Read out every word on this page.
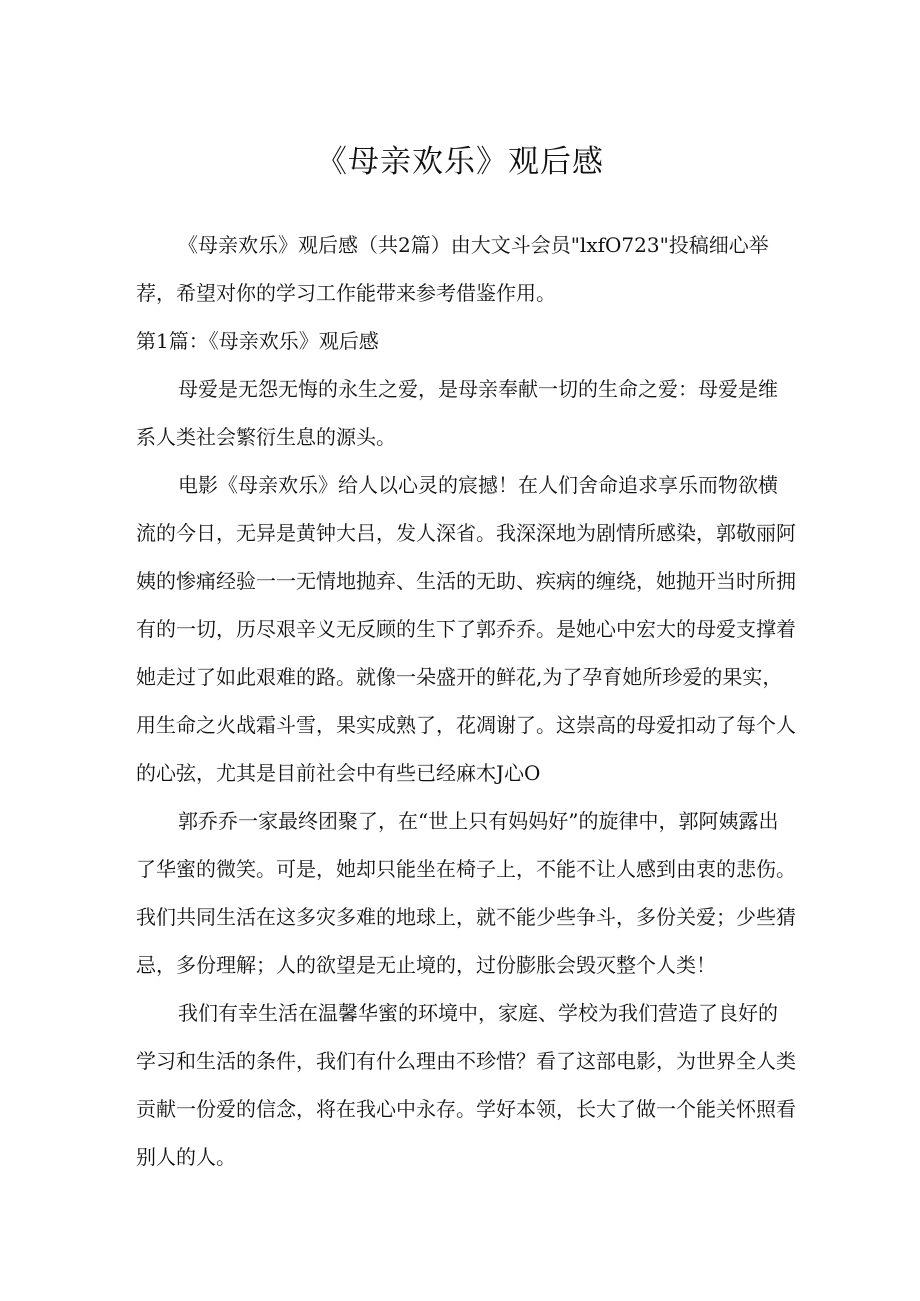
《母亲欢乐》观后感

《母亲欢乐》观后感（共2篇）由大文斗会员"lxfO723"投稿细心举荐，希望对你的学习工作能带来参考借鉴作用。

第1篇：《母亲欢乐》观后感

母爱是无怨无悔的永生之爱，是母亲奉献一切的生命之爱：母爱是维系人类社会繁衍生息的源头。

电影《母亲欢乐》给人以心灵的宸撼！在人们舍命追求享乐而物欲横流的今日，无异是黄钟大吕，发人深省。我深深地为剧情所感染，郭敬丽阿姨的惨痛经验一一无情地抛弃、生活的无助、疾病的缠绕，她抛开当时所拥有的一切，历尽艰辛义无反顾的生下了郭乔乔。是她心中宏大的母爱支撑着她走过了如此艰难的路。就像一朵盛开的鲜花,为了孕育她所珍爱的果实，用生命之火战霜斗雪，果实成熟了，花凋谢了。这崇高的母爱扣动了每个人的心弦，尤其是目前社会中有些已经麻木J心O

郭乔乔一家最终团聚了，在“世上只有妈妈好”的旋律中，郭阿姨露出了华蜜的微笑。可是，她却只能坐在椅子上，不能不让人感到由衷的悲伤。我们共同生活在这多灾多难的地球上，就不能少些争斗，多份关爱；少些猜忌，多份理解；人的欲望是无止境的，过份膨胀会毁灭整个人类！

我们有幸生活在温馨华蜜的环境中，家庭、学校为我们营造了良好的学习和生活的条件，我们有什么理由不珍惜？看了这部电影，为世界全人类贡献一份爱的信念，将在我心中永存。学好本领，长大了做一个能关怀照看别人的人。
